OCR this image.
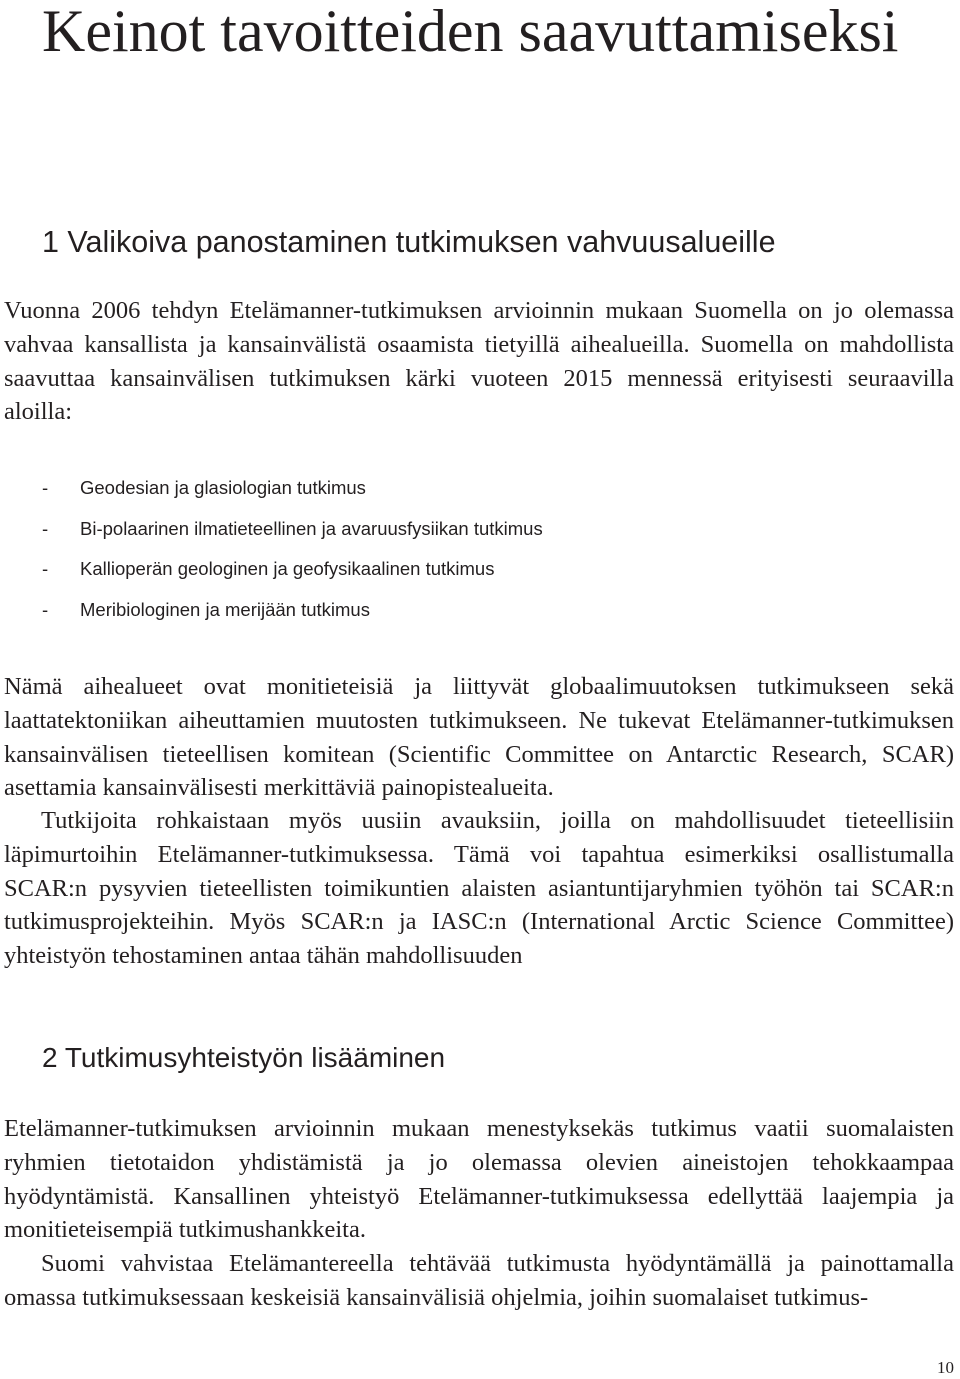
Keinot tavoitteiden saavuttamiseksi
1 Valikoiva panostaminen tutkimuksen vahvuusalueille

Vuonna 2006 tehdyn Etelämanner-tutkimuksen arvioinnin mukaan Suomella on jo olemassa vahvaa kansallista ja kansainvälistä osaamista tietyillä aihealueilla. Suomella on mahdollista saavuttaa kansainvälisen tutkimuksen kärki vuoteen 2015 mennessä erityisesti seuraavilla aloilla:

- Geodesian ja glasiologian tutkimus
- Bi-polaarinen ilmatieteellinen ja avaruusfysiikan tutkimus
- Kallioperän geologinen ja geofysikaalinen tutkimus
- Meribiologinen ja merijään tutkimus

Nämä aihealueet ovat monitieteisiä ja liittyvät globaalimuutoksen tutkimukseen sekä laattatektoniikan aiheuttamien muutosten tutkimukseen. Ne tukevat Etelämanner-tutkimuksen kansainvälisen tieteellisen komitean (Scientific Committee on Antarctic Research, SCAR) asettamia kansainvälisesti merkittäviä painopistealueita.

Tutkijoita rohkaistaan myös uusiin avauksiin, joilla on mahdollisuudet tieteellisiin läpimurtoihin Etelämanner-tutkimuksessa. Tämä voi tapahtua esimerkiksi osallistumalla SCAR:n pysyvien tieteellisten toimikuntien alaisten asiantuntijaryhmien työhön tai SCAR:n tutkimusprojekteihin. Myös SCAR:n ja IASC:n (International Arctic Science Committee) yhteistyön tehostaminen antaa tähän mahdollisuuden

2 Tutkimusyhteistyön lisääminen

Etelämanner-tutkimuksen arvioinnin mukaan menestyksekäs tutkimus vaatii suomalaisten ryhmien tietotaidon yhdistämistä ja jo olemassa olevien aineistojen tehokkaampaa hyödyntämistä. Kansallinen yhteistyö Etelämanner-tutkimuksessa edellyttää laajempia ja monitieteisempiä tutkimushankkeita.

Suomi vahvistaa Etelämantereella tehtävää tutkimusta hyödyntämällä ja painottamalla omassa tutkimuksessaan keskeisiä kansainvälisiä ohjelmia, joihin suomalaiset tutkimus-

10
